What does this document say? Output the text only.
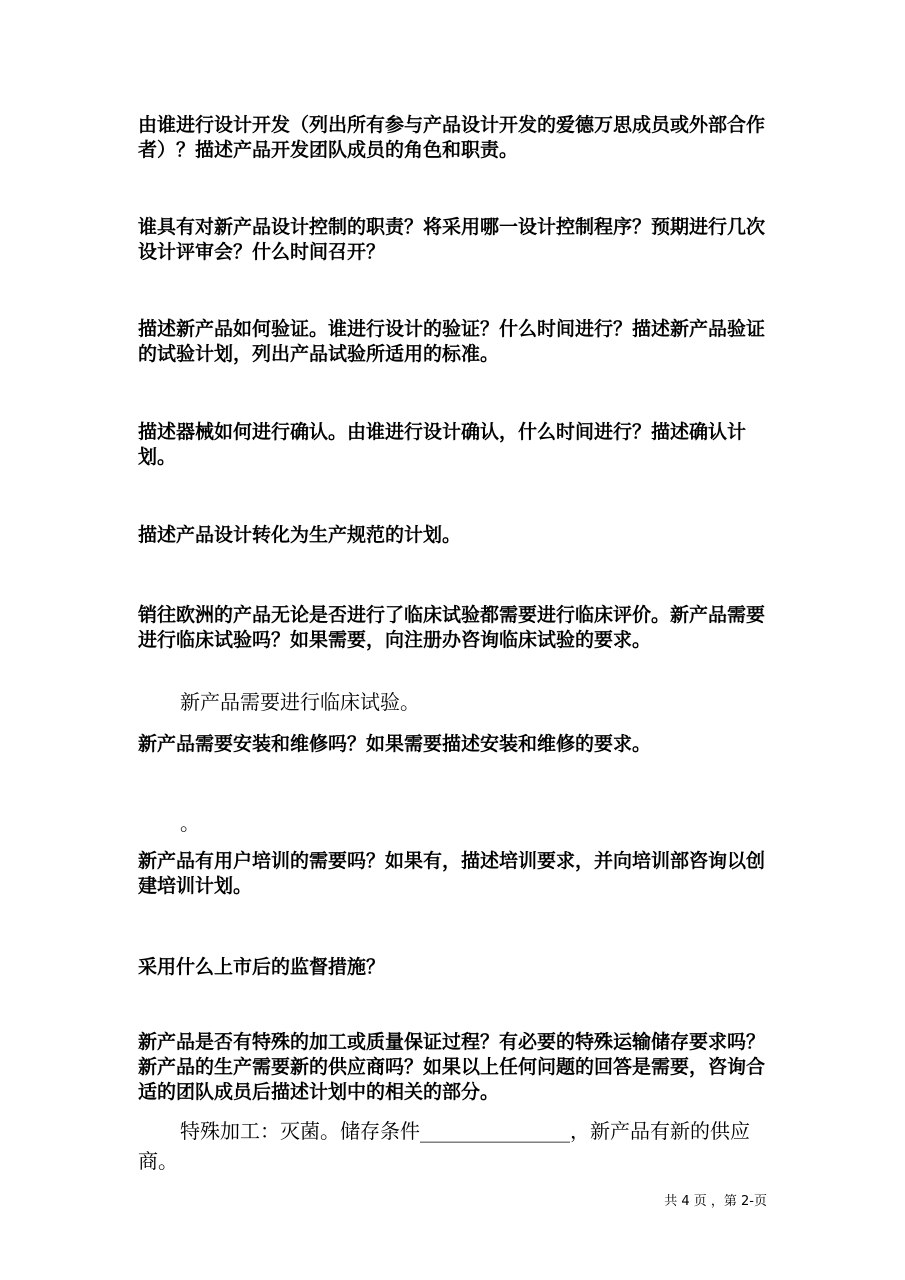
由谁进行设计开发（列出所有参与产品设计开发的爱德万思成员或外部合作者）？描述产品开发团队成员的角色和职责。

谁具有对新产品设计控制的职责？将采用哪一设计控制程序？预期进行几次设计评审会？什么时间召开？

描述新产品如何验证。谁进行设计的验证？什么时间进行？描述新产品验证的试验计划，列出产品试验所适用的标准。

描述器械如何进行确认。由谁进行设计确认，什么时间进行？描述确认计划。

描述产品设计转化为生产规范的计划。

销往欧洲的产品无论是否进行了临床试验都需要进行临床评价。新产品需要进行临床试验吗？如果需要，向注册办咨询临床试验的要求。

新产品需要进行临床试验。

新产品需要安装和维修吗？如果需要描述安装和维修的要求。

。

新产品有用户培训的需要吗？如果有，描述培训要求，并向培训部咨询以创建培训计划。

采用什么上市后的监督措施？

新产品是否有特殊的加工或质量保证过程？有必要的特殊运输储存要求吗？新产品的生产需要新的供应商吗？如果以上任何问题的回答是需要，咨询合适的团队成员后描述计划中的相关的部分。

特殊加工：灭菌。储存条件_______________，新产品有新的供应商。

共 4 页 ，第 2-页
